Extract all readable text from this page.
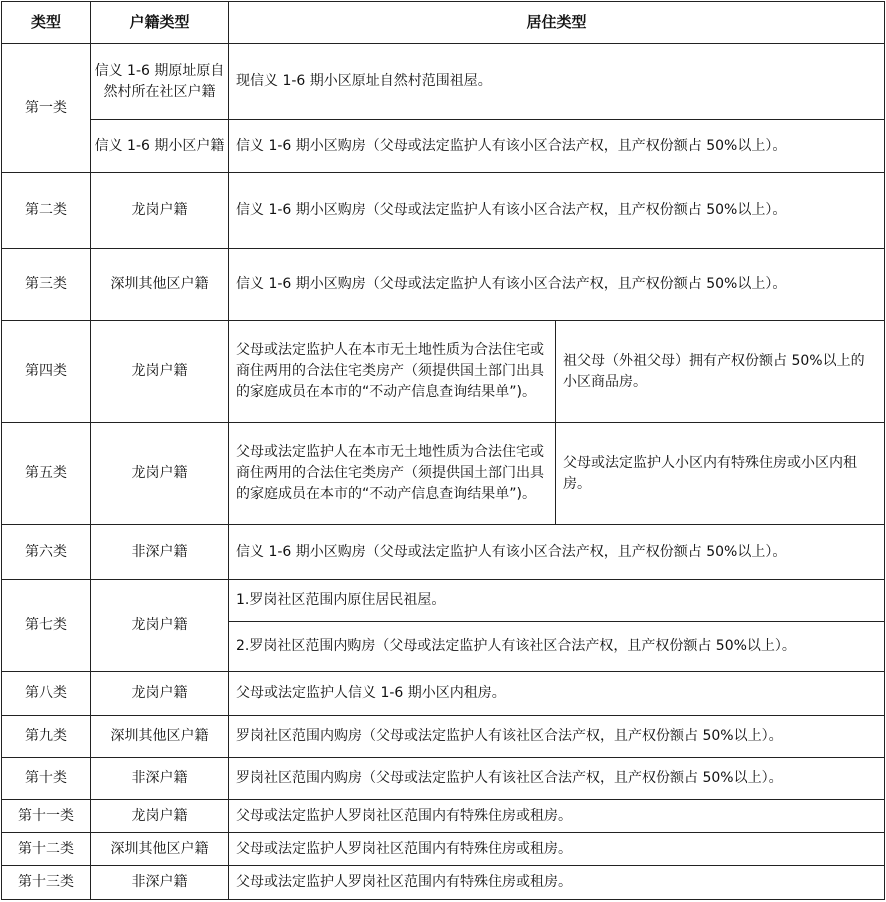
类型	户籍类型	居住类型	
第一类	信义 1-6 期原址原自然村所在社区户籍	现信义 1-6 期小区原址自然村范围祖屋。	
	信义 1-6 期小区户籍	信义 1-6 期小区购房（父母或法定监护人有该小区合法产权，且产权份额占 50%以上）。	
第二类	龙岗户籍	信义 1-6 期小区购房（父母或法定监护人有该小区合法产权，且产权份额占 50%以上）。	
第三类	深圳其他区户籍	信义 1-6 期小区购房（父母或法定监护人有该小区合法产权，且产权份额占 50%以上）。	
第四类	龙岗户籍	父母或法定监护人在本市无土地性质为合法住宅或商住两用的合法住宅类房产（须提供国土部门出具的家庭成员在本市的“不动产信息查询结果单”)。	祖父母（外祖父母）拥有产权份额占 50%以上的小区商品房。
第五类	龙岗户籍	父母或法定监护人在本市无土地性质为合法住宅或商住两用的合法住宅类房产（须提供国土部门出具的家庭成员在本市的“不动产信息查询结果单”)。	父母或法定监护人小区内有特殊住房或小区内租房。
第六类	非深户籍	信义 1-6 期小区购房（父母或法定监护人有该小区合法产权，且产权份额占 50%以上）。	
第七类	龙岗户籍	1.罗岗社区范围内原住居民祖屋。	
		2.罗岗社区范围内购房（父母或法定监护人有该社区合法产权，且产权份额占 50%以上）。	
第八类	龙岗户籍	父母或法定监护人信义 1-6 期小区内租房。	
第九类	深圳其他区户籍	罗岗社区范围内购房（父母或法定监护人有该社区合法产权，且产权份额占 50%以上）。	
第十类	非深户籍	罗岗社区范围内购房（父母或法定监护人有该社区合法产权，且产权份额占 50%以上）。	
第十一类	龙岗户籍	父母或法定监护人罗岗社区范围内有特殊住房或租房。	
第十二类	深圳其他区户籍	父母或法定监护人罗岗社区范围内有特殊住房或租房。	
第十三类	非深户籍	父母或法定监护人罗岗社区范围内有特殊住房或租房。	
